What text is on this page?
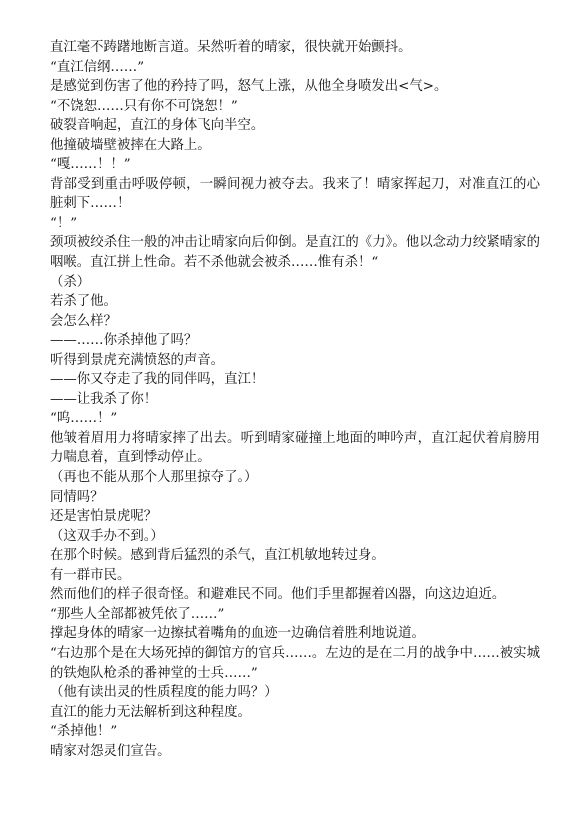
直江毫不踌躇地断言道。呆然听着的晴家，很快就开始颤抖。

“直江信纲……”

是感觉到伤害了他的矜持了吗，怒气上涨，从他全身喷发出<气>。

“不饶恕……只有你不可饶恕！”

破裂音响起，直江的身体飞向半空。

他撞破墙壁被摔在大路上。

“嘎……！！”

背部受到重击呼吸停顿，一瞬间视力被夺去。我来了！晴家挥起刀，对准直江的心脏刺下……！

“！”

颈项被绞杀住一般的冲击让晴家向后仰倒。是直江的《力》。他以念动力绞紧晴家的咽喉。直江拼上性命。若不杀他就会被杀……惟有杀！“

（杀）

若杀了他。

会怎么样？

——……你杀掉他了吗？

听得到景虎充满愤怒的声音。

——你又夺走了我的同伴吗，直江！

——让我杀了你！

“呜……！”

他皱着眉用力将晴家摔了出去。听到晴家碰撞上地面的呻吟声，直江起伏着肩膀用力喘息着，直到悸动停止。

（再也不能从那个人那里掠夺了。）

同情吗？

还是害怕景虎呢？

（这双手办不到。）

在那个时候。感到背后猛烈的杀气，直江机敏地转过身。

有一群市民。

然而他们的样子很奇怪。和避难民不同。他们手里都握着凶器，向这边迫近。

“那些人全部都被凭依了……”

撑起身体的晴家一边擦拭着嘴角的血迹一边确信着胜利地说道。

“右边那个是在大场死掉的御馆方的官兵……。左边的是在二月的战争中……被实城的铁炮队枪杀的番神堂的士兵……”

（他有读出灵的性质程度的能力吗？）

直江的能力无法解析到这种程度。

“杀掉他！”

晴家对怨灵们宣告。
